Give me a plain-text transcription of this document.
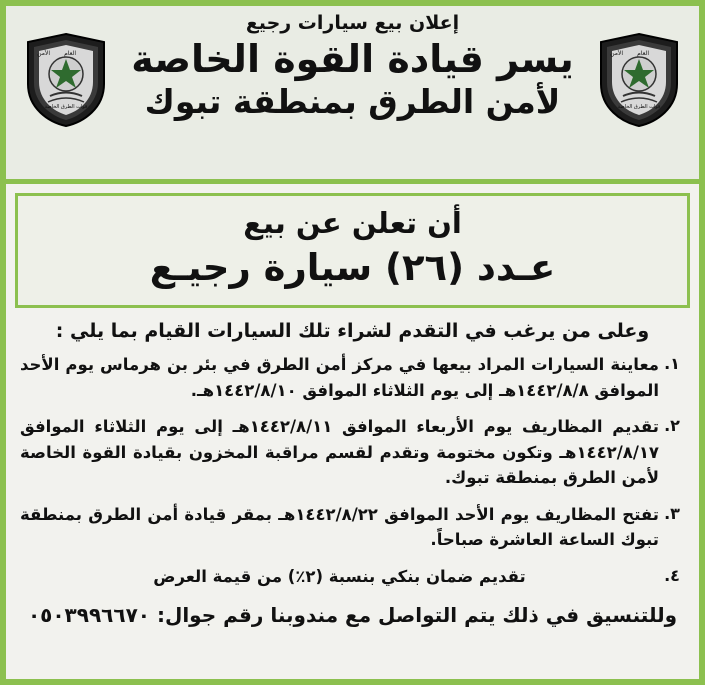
إعلان بيع سيارات رجيع
الأمن العام
قوات الطرق الخاصة
الأمن العام
قوات الطرق الخاصة
يسر قيادة القوة الخاصة
لأمن الطرق بمنطقة تبوك
أن تعلن عن بيع
عـدد (٢٦) سيارة رجيـع
وعلى من يرغب في التقدم لشراء تلك السيارات القيام بما يلي :
١.
معاينة السيارات المراد بيعها في مركز أمن الطرق في بئر بن هرماس يوم الأحد الموافق ١٤٤٢/٨/٨هـ إلى يوم الثلاثاء الموافق ١٤٤٢/٨/١٠هـ.
٢.
تقديم المظاريف يوم الأربعاء الموافق ١٤٤٢/٨/١١هـ إلى يوم الثلاثاء الموافق ١٤٤٢/٨/١٧هـ وتكون مختومة وتقدم لقسم مراقبة المخزون بقيادة القوة الخاصة لأمن الطرق بمنطقة تبوك.
٣.
تفتح المظاريف يوم الأحد الموافق ١٤٤٢/٨/٢٢هـ بمقر قيادة أمن الطرق بمنطقة تبوك الساعة العاشرة صباحاً.
٤.
تقديم ضمان بنكي بنسبة (٢٪) من قيمة العرض
وللتنسيق في ذلك يتم التواصل مع مندوبنا رقم جوال: ٠٥٠٣٩٩٦٦٧٠
